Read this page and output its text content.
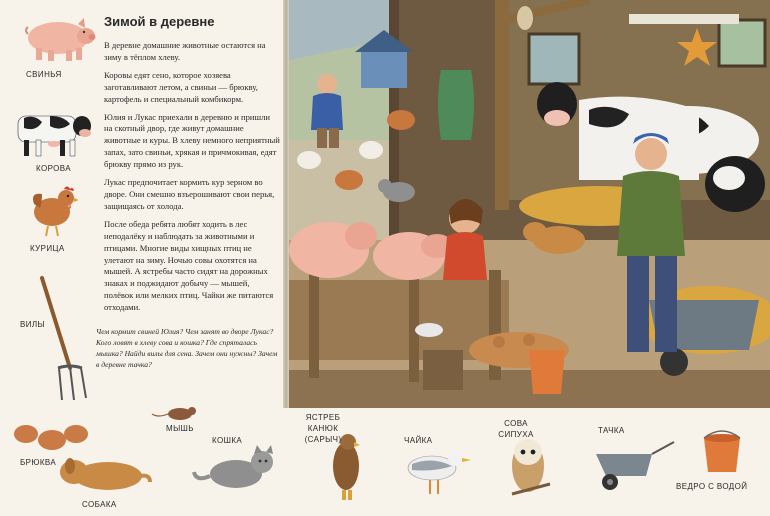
Зимой в деревне

В деревне домашние животные остаются на зиму в тёплом хлеву.

Коровы едят сено, которое хозяева заготавливают летом, а свиньи — брюкву, картофель и специальный комбикорм.

Юлия и Лукас приехали в деревню и пришли на скотный двор, где живут домашние животные и куры. В хлеву немного неприятный запах, зато свиньи, хрякая и причмокивая, едят брюкву прямо из рук.

Лукас предпочитает кормить кур зерном во дворе. Они смешно взъерошивают свои перья, защищаясь от холода.

После обеда ребята любят ходить в лес неподалёку и наблюдать за животными и птицами. Многие виды хищных птиц не улетают на зиму. Ночью совы охотятся на мышей. А ястребы часто сидят на дорожных знаках и поджидают добычу — мышей, полёвок или мелких птиц. Чайки же питаются отходами.

Чем кормит свиней Юлия? Чем занят во дворе Лукас? Кого ловят в хлеву сова и кошка? Где спряталась мышка? Найди вилы для сена. Зачем они нужны? Зачем в деревне тачка?
СВИНЬЯ
КОРОВА
КУРИЦА
ВИЛЫ
БРЮКВА
МЫШЬ
СОБАКА
КОШКА
ЯСТРЕБ КАНЮК (САРЫЧ)	ЧАЙКА
СОВА СИПУХА	ТАЧКА
ВЕДРО С ВОДОЙ
